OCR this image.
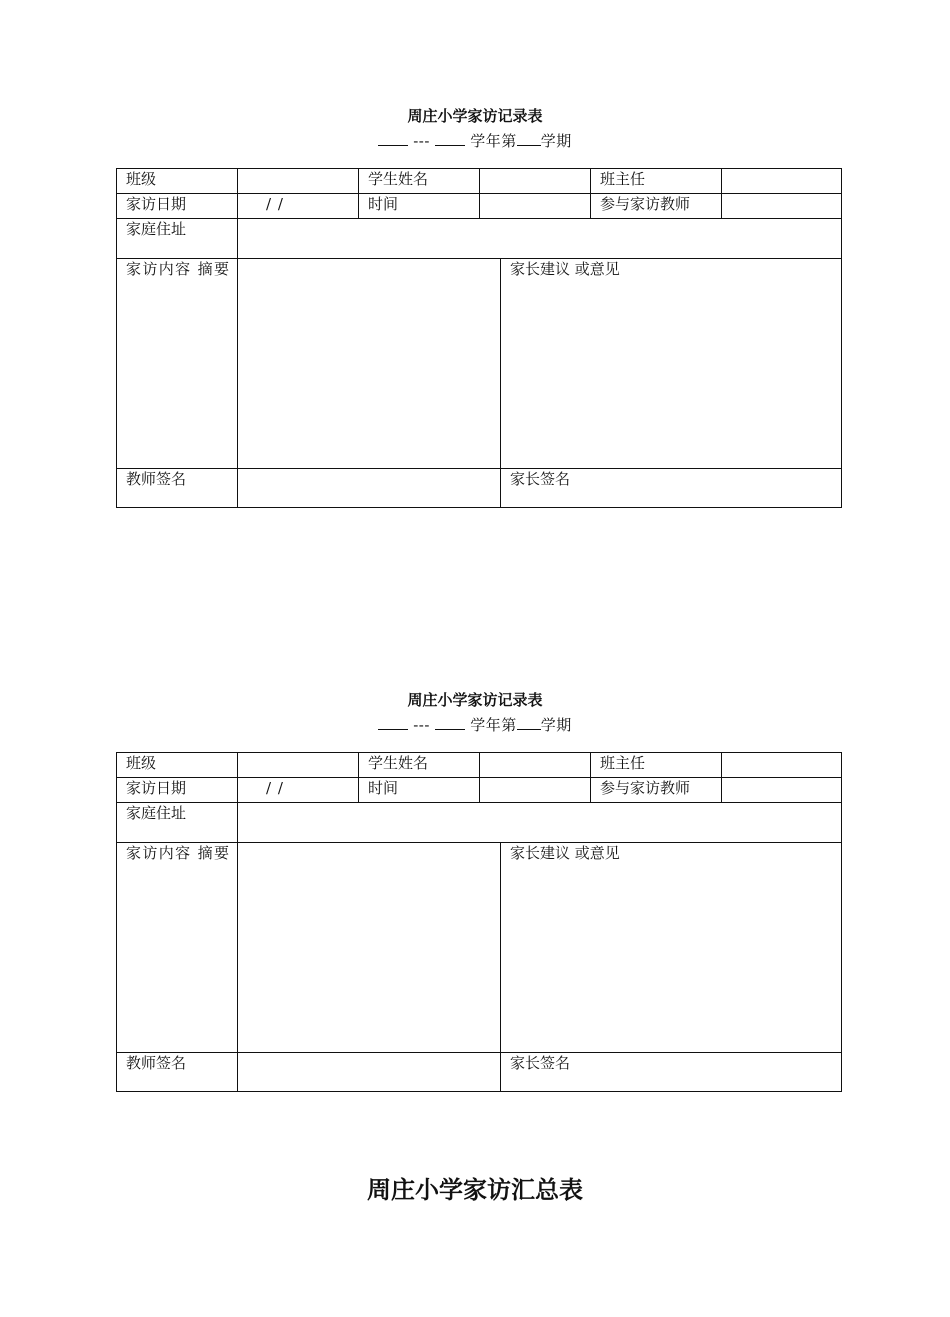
周庄小学家访记录表
---	学年第 学期
班级	学生姓名	班主任
家访日期	/ /	时间	参与家访教师
家庭住址
家访内容 摘要	家长建议 或意见
教师签名	家长签名
周庄小学家访记录表
---	学年第 学期
班级	学生姓名	班主任
家访日期	/ /	时间	参与家访教师
家庭住址
家访内容 摘要	家长建议 或意见
教师签名	家长签名
周庄小学家访汇总表
